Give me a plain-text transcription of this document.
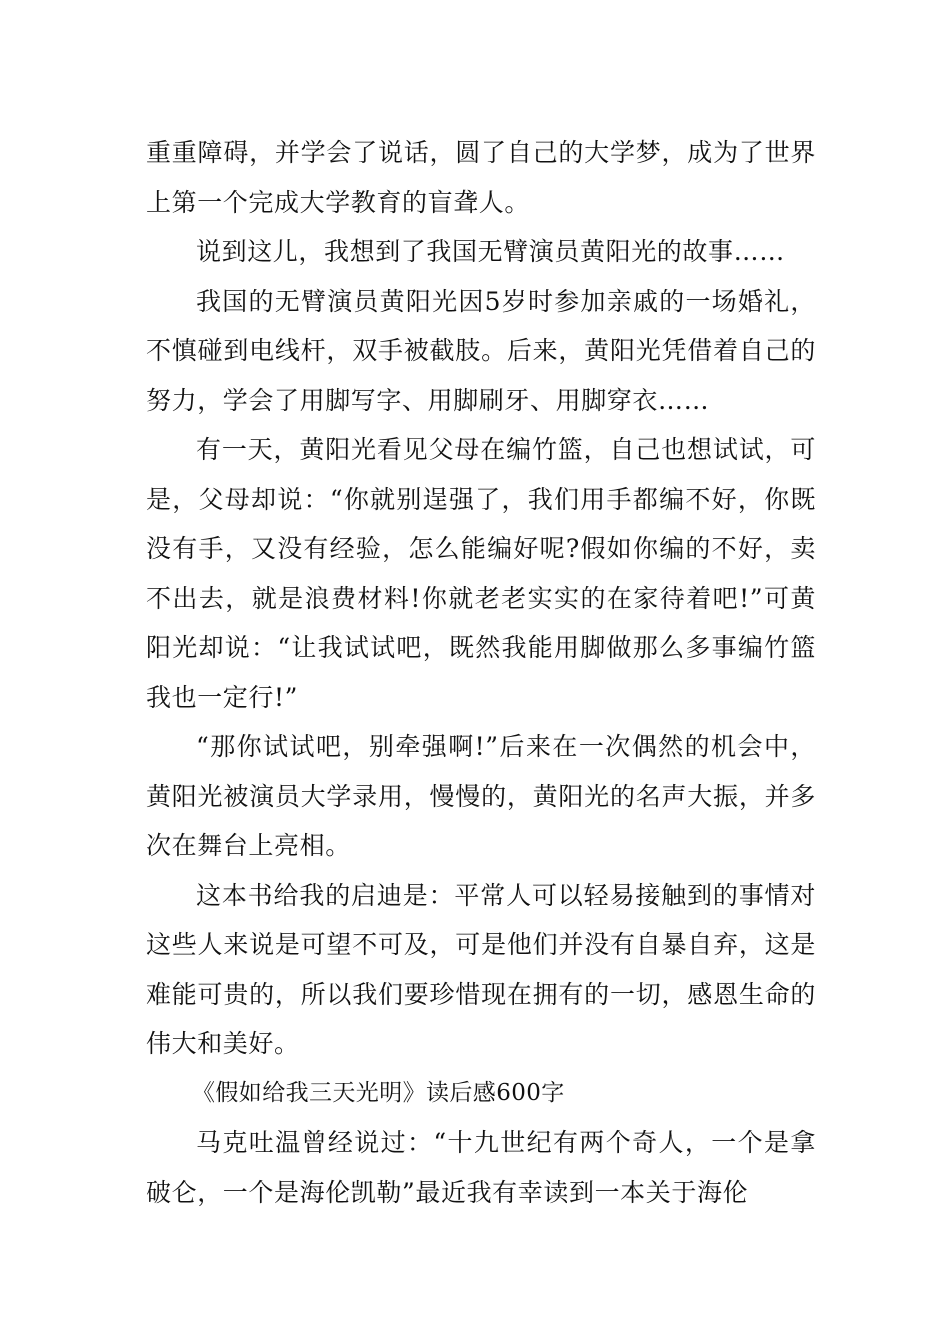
重重障碍，并学会了说话，圆了自己的大学梦，成为了世界上第一个完成大学教育的盲聋人。

说到这儿，我想到了我国无臂演员黄阳光的故事……

我国的无臂演员黄阳光因5岁时参加亲戚的一场婚礼，不慎碰到电线杆，双手被截肢。后来，黄阳光凭借着自己的努力，学会了用脚写字、用脚刷牙、用脚穿衣……

有一天，黄阳光看见父母在编竹篮，自己也想试试，可是，父母却说：“你就别逞强了，我们用手都编不好，你既没有手，又没有经验，怎么能编好呢?假如你编的不好，卖不出去，就是浪费材料!你就老老实实的在家待着吧!”可黄阳光却说：“让我试试吧，既然我能用脚做那么多事编竹篮我也一定行!”

“那你试试吧，别牵强啊!”后来在一次偶然的机会中，黄阳光被演员大学录用，慢慢的，黄阳光的名声大振，并多次在舞台上亮相。

这本书给我的启迪是：平常人可以轻易接触到的事情对这些人来说是可望不可及，可是他们并没有自暴自弃，这是难能可贵的，所以我们要珍惜现在拥有的一切，感恩生命的伟大和美好。

《假如给我三天光明》读后感600字

马克吐温曾经说过：“十九世纪有两个奇人，一个是拿破仑，一个是海伦凯勒”最近我有幸读到一本关于海伦
